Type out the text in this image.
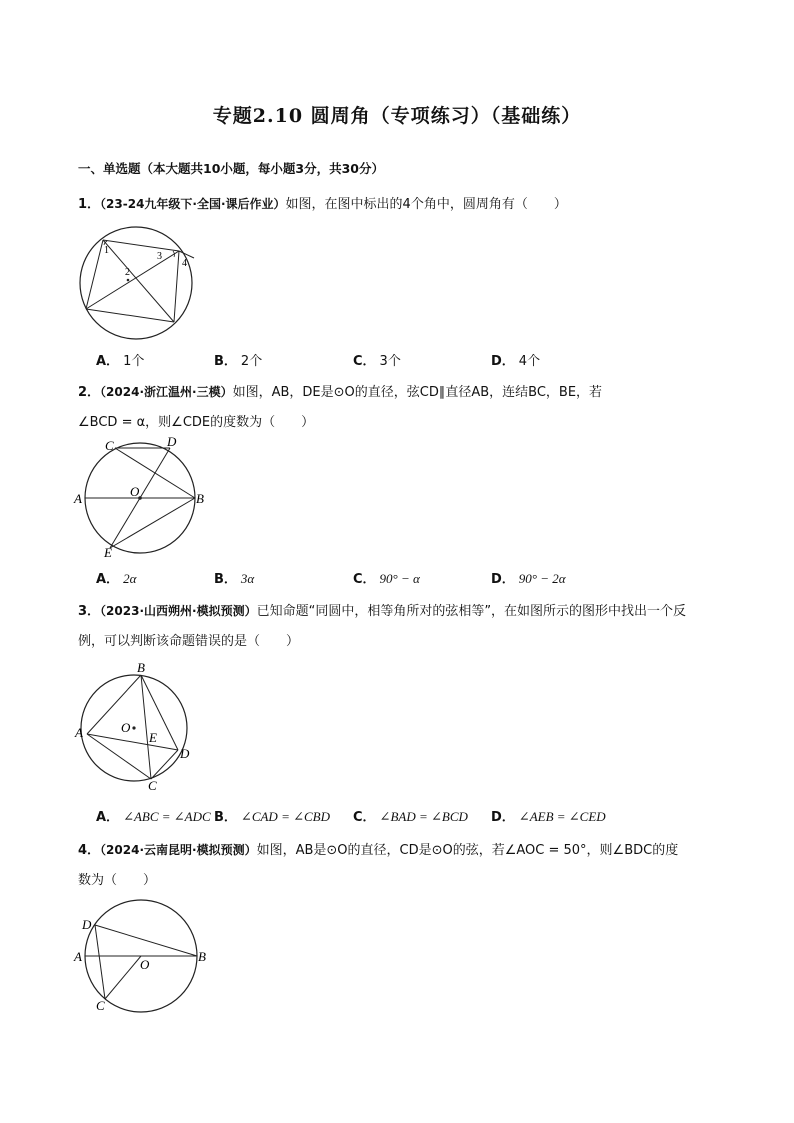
专题2.10 圆周角（专项练习）（基础练）
一、单选题（本大题共10小题，每小题3分，共30分）
1．（23-24九年级下·全国·课后作业）如图，在图中标出的4个角中，圆周角有（　　）
1
2
3
4
A． 1个	B． 2个	C． 3个	D． 4个
2．（2024·浙江温州·三模）如图，AB，DE是⊙O的直径，弦CD∥直径AB，连结BC，BE，若
∠BCD = α，则∠CDE的度数为（　　）
C	D
A	O	B
E
A． 2α	B． 3α	C． 90° − α	D． 90° − 2α
3．（2023·山西朔州·模拟预测）已知命题“同圆中，相等角所对的弦相等”，在如图所示的图形中找出一个反
例，可以判断该命题错误的是（　　）
B
A	O
E
D
C
A． ∠ABC = ∠ADC B． ∠CAD = ∠CBD C． ∠BAD = ∠BCD D． ∠AEB = ∠CED
4．（2024·云南昆明·模拟预测）如图，AB是⊙O的直径，CD是⊙O的弦，若∠AOC = 50°，则∠BDC的度
数为（　　）
D
A
O
B
C
